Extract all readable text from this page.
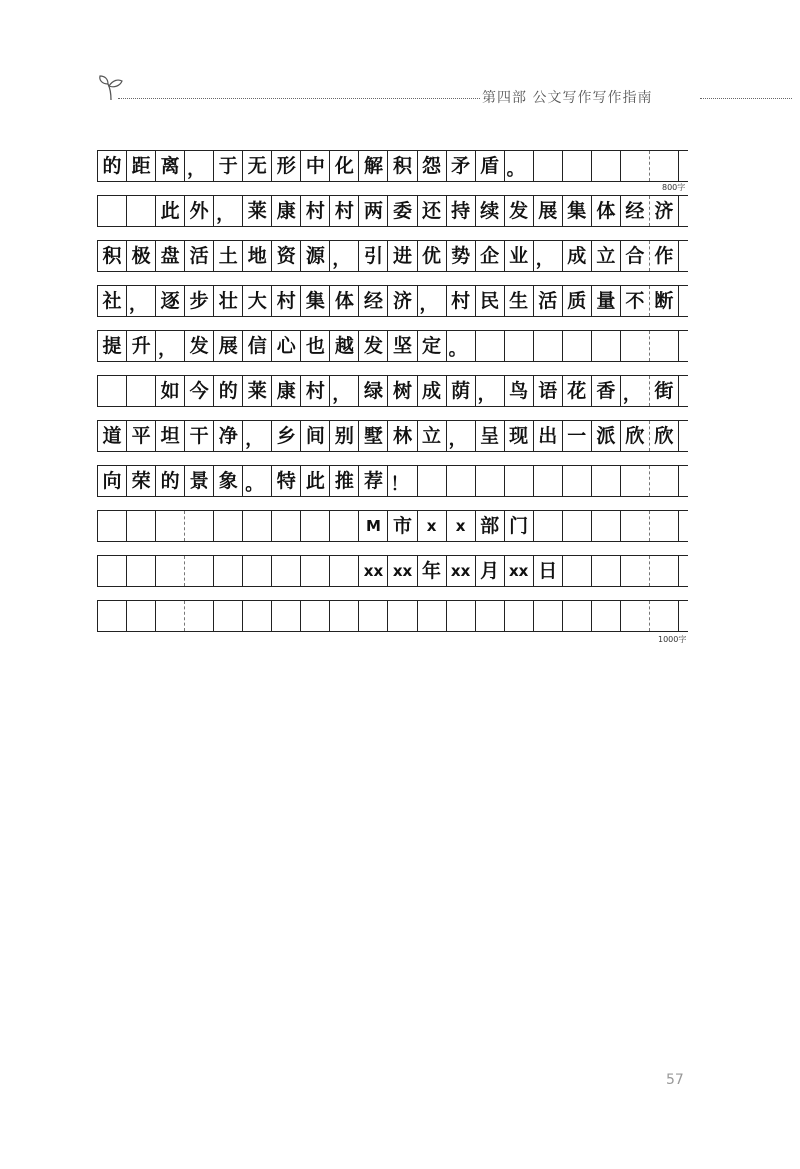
第四部 公文写作写作指南
的 距 离 ， 于 无 形 中 化 解 积 怨 矛 盾 。
此 外 ， 莱 康 村 村 两 委 还 持 续 发 展 集 体 经 济
积 极 盘 活 土 地 资 源 ， 引 进 优 势 企 业 ， 成 立 合 作
社 ， 逐 步 壮 大 村 集 体 经 济 ， 村 民 生 活 质 量 不 断
提 升 ， 发 展 信 心 也 越 发 坚 定 。
如 今 的 莱 康 村 ， 绿 树 成 荫 ， 鸟 语 花 香 ， 街
道 平 坦 干 净 ， 乡 间 别 墅 林 立 ， 呈 现 出 一 派 欣 欣
向 荣 的 景 象 。 特 此 推 荐 ！
M 市 x x 部 门
xx xx 年 xx 月 xx 日
800字
1000字
57
